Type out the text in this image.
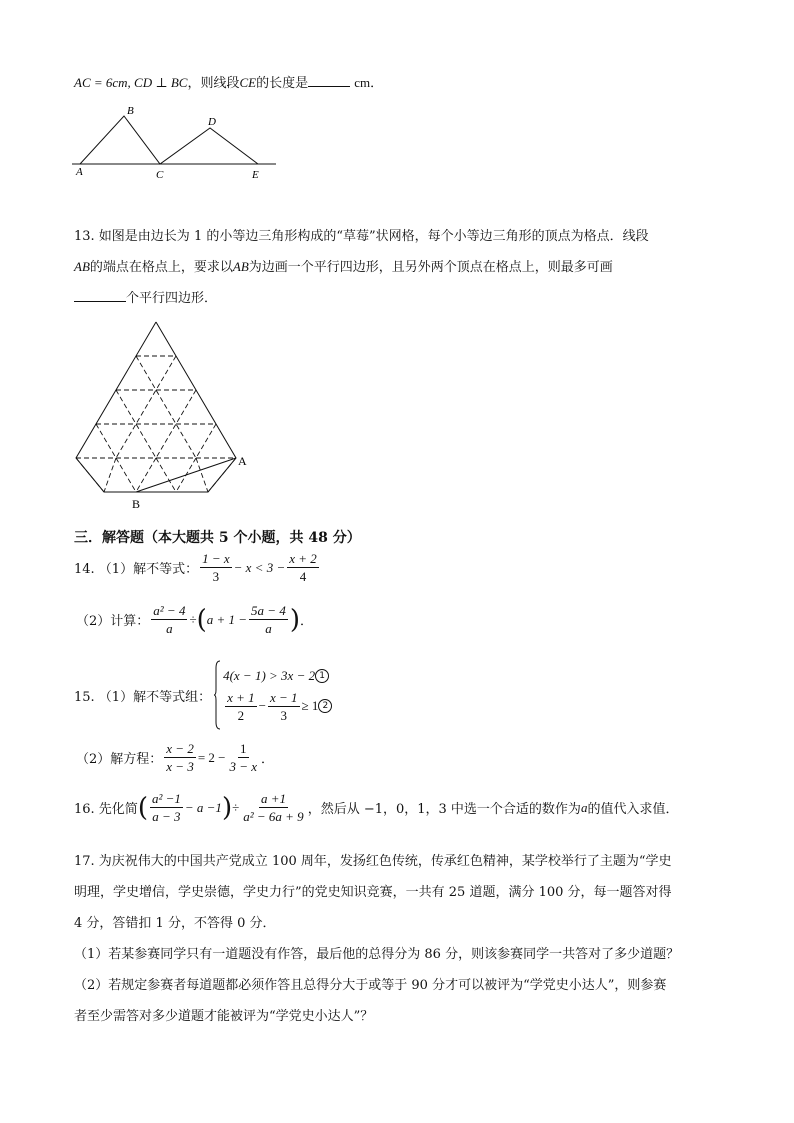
AC = 6cm, CD ⊥ BC，则线段CE的长度是	cm．
B
D
A	C	E
13. 如图是由边长为 1 的小等边三角形构成的“草莓”状网格，每个小等边三角形的顶点为格点．线段
AB的端点在格点上，要求以AB为边画一个平行四边形，且另外两个顶点在格点上，则最多可画
个平行四边形．
A
B
三．解答题（本大题共 5 个小题，共 48 分）
14. （1）解不等式： $\frac{1 - x}{3} - x < 3 - \frac{x + 2}{4}$
（2）计算： $\frac{\text{a² − 4}}{a}$ ÷ ( $a + 1 - \frac{5a - 4}{a}$ ) ．
15. （1）解不等式组：
4(x − 1) > 3x − 2 1
$\frac{x + 1}{2} - \frac{x - 1}{3} \ge 1$ 2
（2）解方程： $\frac{x - 2}{x - 3} = 2 - \frac{1}{3 - x}$ ．
16. 先化简 ( $\frac{\text{a² −1}}{a - 3} - a -1$ ) ÷ $\frac{a +1}{\text{a² − 6a + 9}}$ ，然后从 −1，0，1，3 中选一个合适的数作为 a 的值代入求值．
17. 为庆祝伟大的中国共产党成立 100 周年，发扬红色传统，传承红色精神，某学校举行了主题为“学史
明理，学史增信，学史崇德，学史力行”的党史知识竞赛，一共有 25 道题，满分 100 分，每一题答对得
4 分，答错扣 1 分，不答得 0 分．
（1）若某参赛同学只有一道题没有作答，最后他的总得分为 86 分，则该参赛同学一共答对了多少道题？
（2）若规定参赛者每道题都必须作答且总得分大于或等于 90 分才可以被评为“学党史小达人”，则参赛
者至少需答对多少道题才能被评为“学党史小达人”？
